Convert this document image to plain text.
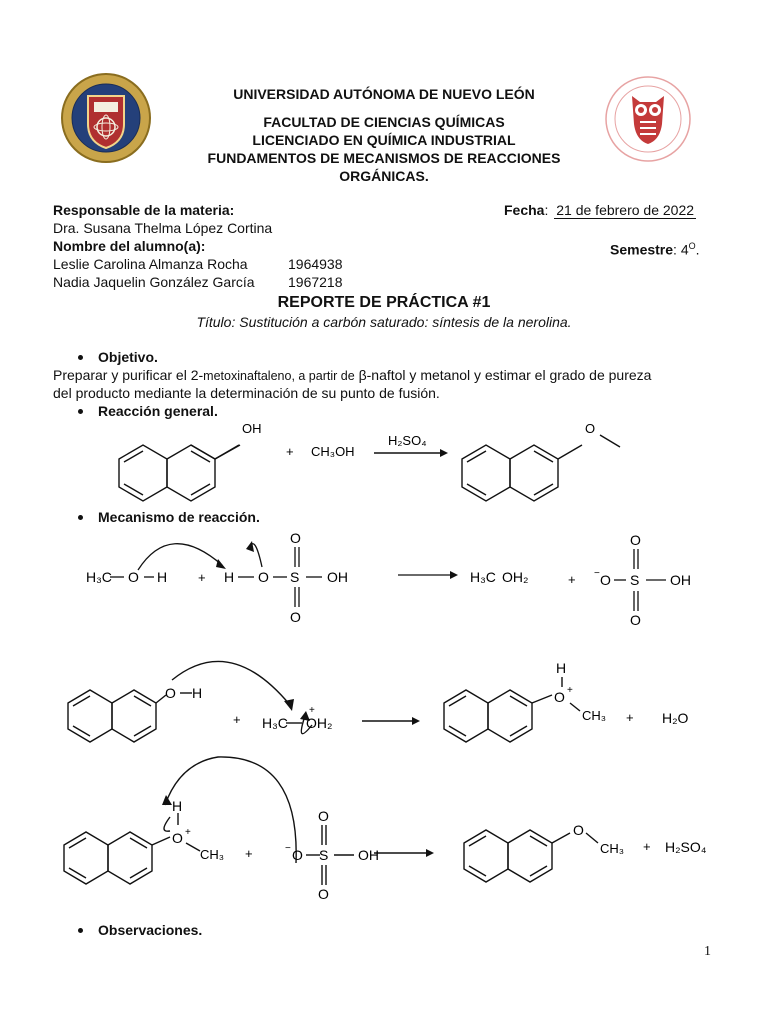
UNIVERSIDAD AUTÓNOMA DE NUEVO LEÓN
FACULTAD DE CIENCIAS QUÍMICAS
LICENCIADO EN QUÍMICA INDUSTRIAL
FUNDAMENTOS DE MECANISMOS DE REACCIONES
ORGÁNICAS.
Responsable de la materia:
Dra. Susana Thelma López Cortina
Nombre del alumno(a):
Leslie Carolina Almanza Rocha	1964938
Nadia Jaquelin González García 1967218
Fecha: 21 de febrero de 2022
Semestre: $4^O$.
REPORTE DE PRÁCTICA #1
Título: Sustitución a carbón saturado: síntesis de la nerolina.
Objetivo.
Preparar y purificar el 2-metoxinaftaleno, a partir de β-naftol y metanol y estimar el grado de pureza
del producto mediante la determinación de su punto de fusión.
Reacción general.
OH
+ CH₃OH
H₂SO₄
O
Mecanismo de reacción.
H₃C O H + H O S OH
O
O
H₃C OH₂	+ O
− S OH
O
O
O H
+ H₃C OH₂
+
H
O +
CH₃ + H₂O
H
O +
CH₃ +	O
− S OH
O
O
O
CH₃ + H₂SO₄
Observaciones.
1
